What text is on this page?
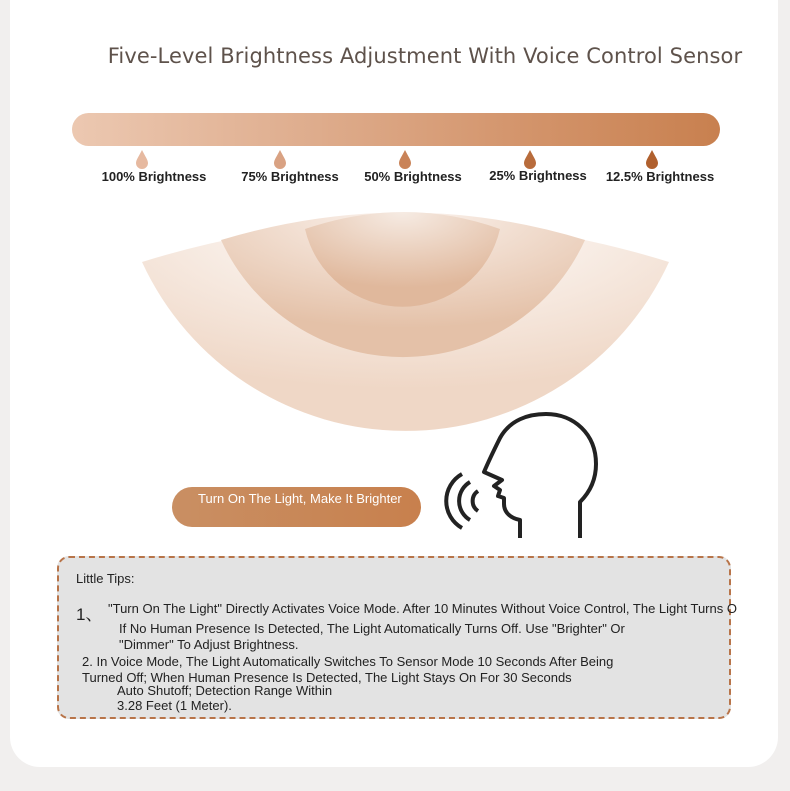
Five-Level Brightness Adjustment With Voice Control Sensor
100% Brightness	75% Brightness 50% Brightness 25% Brightness 12.5% Brightness
Turn On The Light, Make It Brighter
Little Tips:
1、 "Turn On The Light" Directly Activates Voice Mode. After 10 Minutes Without Voice Control, The Light Turns O
If No Human Presence Is Detected, The Light Automatically Turns Off. Use "Brighter" Or
"Dimmer" To Adjust Brightness.
2. In Voice Mode, The Light Automatically Switches To Sensor Mode 10 Seconds After Being
Turned Off; When Human Presence Is Detected, The Light Stays On For 30 Seconds
Auto Shutoff; Detection Range Within
3.28 Feet (1 Meter).
